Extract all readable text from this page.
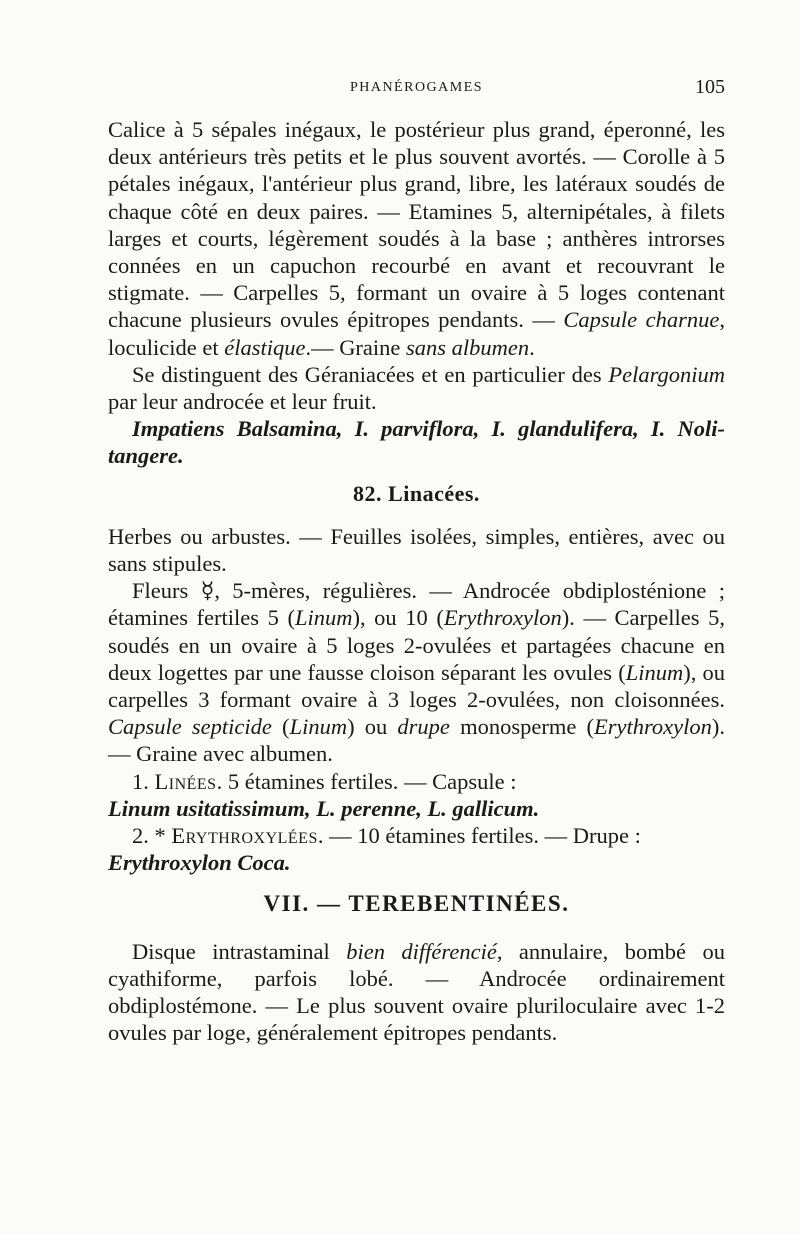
PHANÉROGAMES	105

Calice à 5 sépales inégaux, le postérieur plus grand, éperonné, les deux antérieurs très petits et le plus souvent avortés. — Corolle à 5 pétales inégaux, l'antérieur plus grand, libre, les latéraux soudés de chaque côté en deux paires. — Etamines 5, alternipétales, à filets larges et courts, légèrement soudés à la base ; anthères introrses connées en un capuchon recourbé en avant et recouvrant le stigmate. — Carpelles 5, formant un ovaire à 5 loges contenant chacune plusieurs ovules épitropes pendants. — Capsule charnue, loculicide et élastique.— Graine sans albumen.

Se distinguent des Géraniacées et en particulier des Pelargonium par leur androcée et leur fruit.

Impatiens Balsamina, I. parviflora, I. glandulifera, I. Noli-tangere.

82. Linacées.

Herbes ou arbustes. — Feuilles isolées, simples, entières, avec ou sans stipules.

Fleurs ☿, 5-mères, régulières. — Androcée obdiplosténione ; étamines fertiles 5 (Linum), ou 10 (Erythroxylon). — Carpelles 5, soudés en un ovaire à 5 loges 2-ovulées et partagées chacune en deux logettes par une fausse cloison séparant les ovules (Linum), ou carpelles 3 formant ovaire à 3 loges 2-ovulées, non cloisonnées. Capsule septicide (Linum) ou drupe monosperme (Erythroxylon). — Graine avec albumen.

1. Linées. 5 étamines fertiles. — Capsule :

Linum usitatissimum, L. perenne, L. gallicum.

2. * Erythroxylées. — 10 étamines fertiles. — Drupe :

Erythroxylon Coca.

VII. — TEREBENTINÉES.

Disque intrastaminal bien différencié, annulaire, bombé ou cyathiforme, parfois lobé. — Androcée ordinairement obdiplostémone. — Le plus souvent ovaire pluriloculaire avec 1-2 ovules par loge, généralement épitropes pendants.
